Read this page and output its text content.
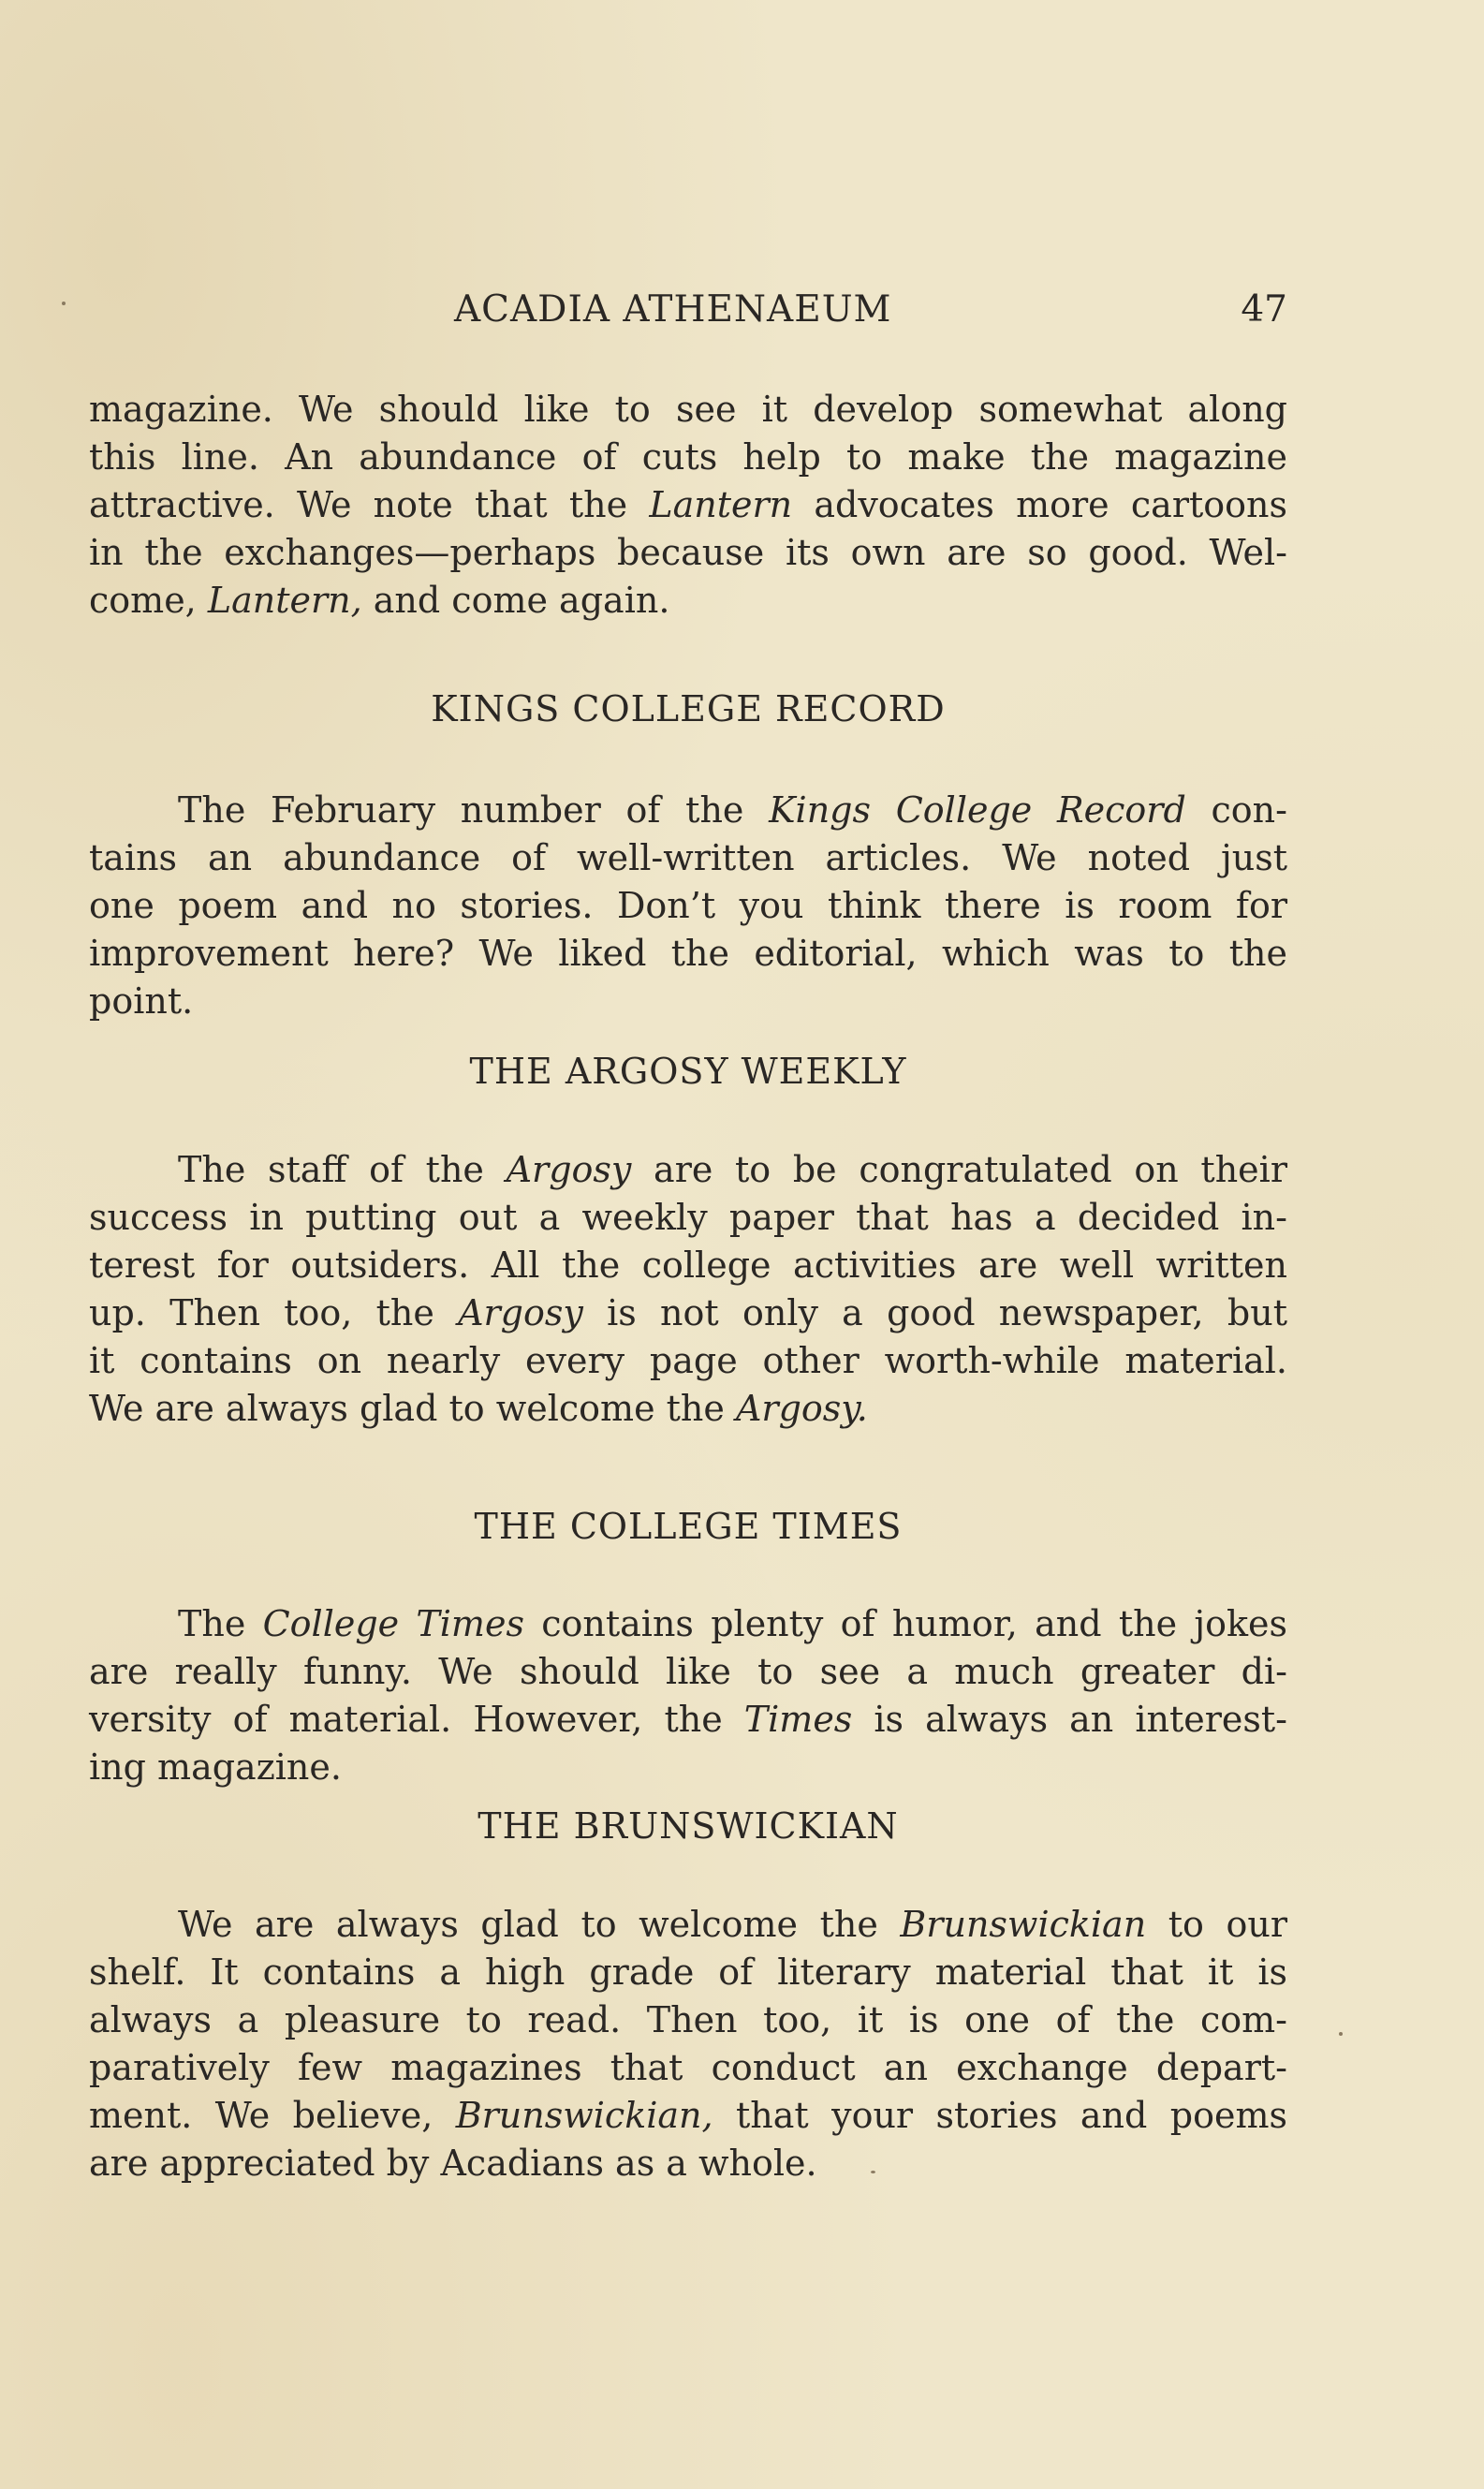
ACADIA ATHENAEUM	47
magazine. We should like to see it develop somewhat along
this line. An abundance of cuts help to make the magazine
attractive. We note that the Lantern advocates more cartoons
in the exchanges—perhaps because its own are so good. Wel-
come, Lantern, and come again.
KINGS COLLEGE RECORD
The February number of the Kings College Record con-
tains an abundance of well-written articles. We noted just
one poem and no stories. Don’t you think there is room for
improvement here? We liked the editorial, which was to the
point.
THE ARGOSY WEEKLY
The staff of the Argosy are to be congratulated on their
success in putting out a weekly paper that has a decided in-
terest for outsiders. All the college activities are well written
up. Then too, the Argosy is not only a good newspaper, but
it contains on nearly every page other worth-while material.
We are always glad to welcome the Argosy.
THE COLLEGE TIMES
The College Times contains plenty of humor, and the jokes
are really funny. We should like to see a much greater di-
versity of material. However, the Times is always an interest-
ing magazine.
THE BRUNSWICKIAN
We are always glad to welcome the Brunswickian to our
shelf. It contains a high grade of literary material that it is
always a pleasure to read. Then too, it is one of the com-
paratively few magazines that conduct an exchange depart-
ment. We believe, Brunswickian, that your stories and poems
are appreciated by Acadians as a whole.
